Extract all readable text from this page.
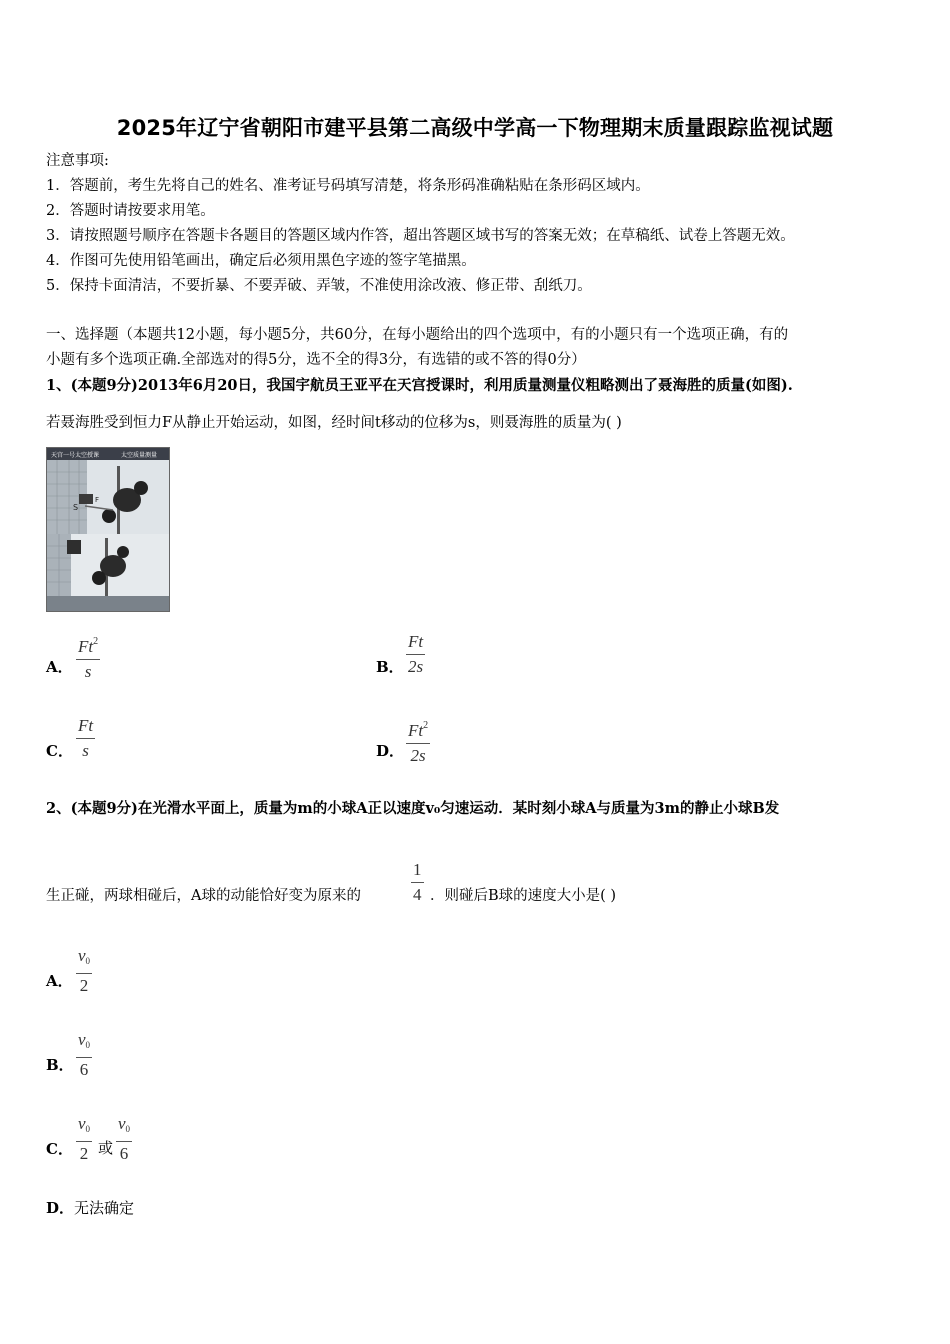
2025年辽宁省朝阳市建平县第二高级中学高一下物理期末质量跟踪监视试题
注意事项:
1．答题前，考生先将自己的姓名、准考证号码填写清楚，将条形码准确粘贴在条形码区域内。
2．答题时请按要求用笔。
3．请按照题号顺序在答题卡各题目的答题区域内作答，超出答题区域书写的答案无效；在草稿纸、试卷上答题无效。
4．作图可先使用铅笔画出，确定后必须用黑色字迹的签字笔描黑。
5．保持卡面清洁，不要折暴、不要弄破、弄皱，不准使用涂改液、修正带、刮纸刀。
一、选择题（本题共12小题，每小题5分，共60分，在每小题给出的四个选项中，有的小题只有一个选项正确，有的
小题有多个选项正确.全部选对的得5分，选不全的得3分，有选错的或不答的得0分）
1、(本题9分)2013年6月20日，我国宇航员王亚平在天宫授课时，利用质量测量仪粗略测出了聂海胜的质量(如图).
若聂海胜受到恒力F从静止开始运动，如图，经时间t移动的位移为s，则聂海胜的质量为( )
天宫一号太空授课	太空质量测量
S
F
A．
Ft$^2$
s	B．
Ft
2s
C．
Ft
s	D．
Ft$^2$
2s
2、(本题9分)在光滑水平面上，质量为m的小球A正以速度v₀匀速运动．某时刻小球A与质量为3m的静止小球B发
生正碰，两球相碰后，A球的动能恰好变为原来的
1
4 ．则碰后B球的速度大小是( )
A．
$v_0$
2
B．
$v_0$
6
C．
$v_0$
2 或
$v_0$
6
D． 无法确定
